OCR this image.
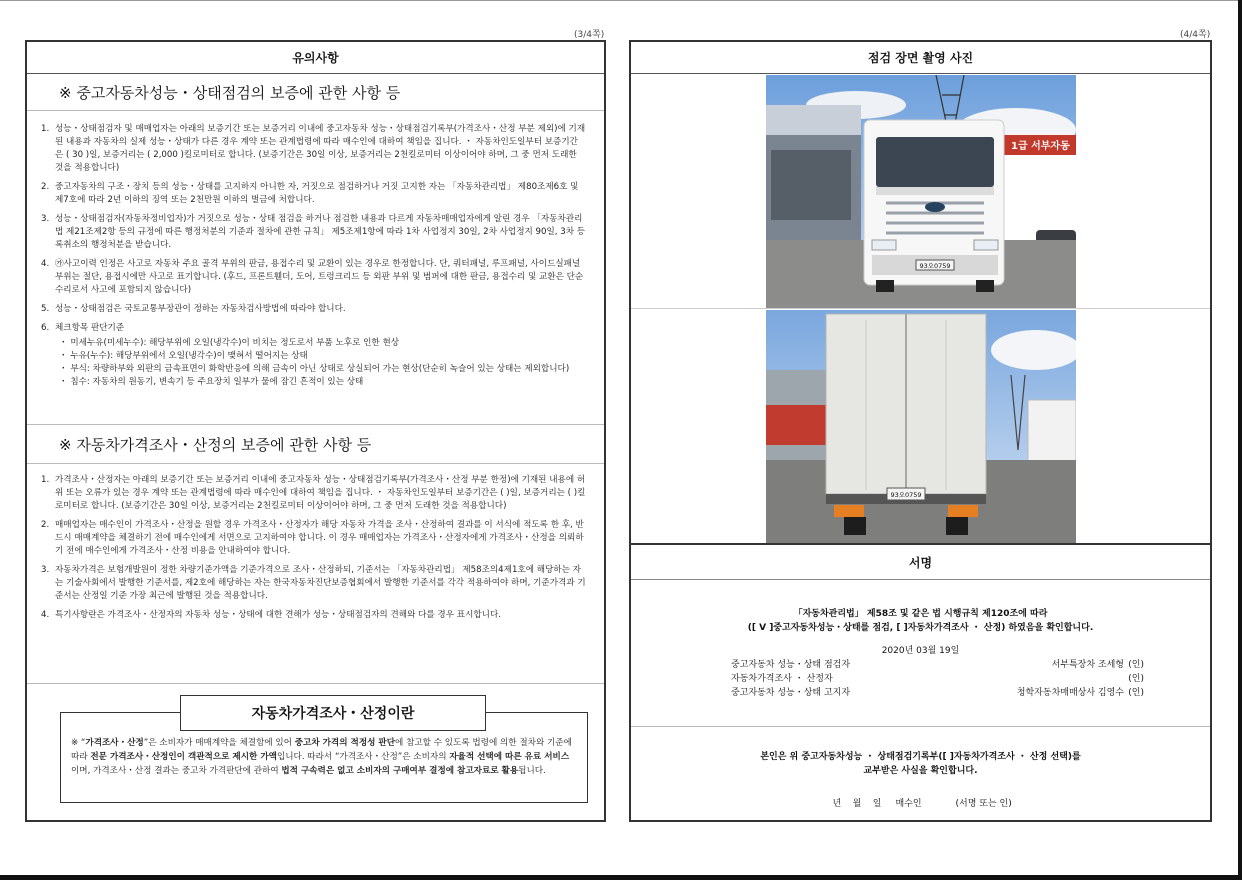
(3/4쪽)	(4/4쪽)
유의사항
※ 중고자동차성능・상태점검의 보증에 관한 사항 등
1. 성능・상태점검자 및 매매업자는 아래의 보증기간 또는 보증거리 이내에 중고자동차 성능・상태점검기록부(가격조사・산정 부분 제외)에 기재된 내용과 자동차의 실제 성능・상태가 다른 경우 계약 또는 관계법령에 따라 매수인에 대하여 책임을 집니다. ・ 자동차인도일부터 보증기간은 ( 30 )일, 보증거리는 ( 2,000 )킬로미터로 합니다. (보증기간은 30일 이상, 보증거리는 2천킬로미터 이상이어야 하며, 그 중 먼저 도래한 것을 적용합니다)
2. 중고자동차의 구조・장치 등의 성능・상태를 고지하지 아니한 자, 거짓으로 점검하거나 거짓 고지한 자는 「자동차관리법」 제80조제6호 및 제7호에 따라 2년 이하의 징역 또는 2천만원 이하의 벌금에 처합니다.
3. 성능・상태점검자(자동차정비업자)가 거짓으로 성능・상태 점검을 하거나 점검한 내용과 다르게 자동차매매업자에게 알린 경우 「자동차관리법 제21조제2항 등의 규정에 따른 행정처분의 기준과 절차에 관한 규칙」 제5조제1항에 따라 1차 사업정지 30일, 2차 사업정지 90일, 3차 등록취소의 행정처분을 받습니다.
4. ㉮사고이력 인정은 사고로 자동차 주요 골격 부위의 판금, 용접수리 및 교환이 있는 경우로 한정합니다. 단, 쿼터패널, 루프패널, 사이드실패널 부위는 절단, 용접시에만 사고로 표기합니다. (후드, 프론트휀더, 도어, 트렁크리드 등 외판 부위 및 범퍼에 대한 판금, 용접수리 및 교환은 단순수리로서 사고에 포함되지 않습니다)
5. 성능・상태점검은 국토교통부장관이 정하는 자동차검사방법에 따라야 합니다.
6. 체크항목 판단기준
・ 미세누유(미세누수): 해당부위에 오일(냉각수)이 비치는 정도로서 부품 노후로 인한 현상
・ 누유(누수): 해당부위에서 오일(냉각수)이 맺혀서 떨어지는 상태
・ 부식: 차량하부와 외판의 금속표면이 화학반응에 의해 금속이 아닌 상태로 상실되어 가는 현상(단순히 녹슬어 있는 상태는 제외합니다)
・ 침수: 자동차의 원동기, 변속기 등 주요장치 일부가 물에 잠긴 흔적이 있는 상태
※ 자동차가격조사・산정의 보증에 관한 사항 등
1. 가격조사・산정자는 아래의 보증기간 또는 보증거리 이내에 중고자동차 성능・상태점검기록부(가격조사・산정 부분 한정)에 기재된 내용에 허위 또는 오류가 있는 경우 계약 또는 관계법령에 따라 매수인에 대하여 책임을 집니다. ・ 자동차인도일부터 보증기간은 ( )일, 보증거리는 ( )킬로미터로 합니다. (보증기간은 30일 이상, 보증거리는 2천킬로미터 이상이어야 하며, 그 중 먼저 도래한 것을 적용합니다)
2. 매매업자는 매수인이 가격조사・산정을 원할 경우 가격조사・산정자가 해당 자동차 가격을 조사・산정하여 결과를 이 서식에 적도록 한 후, 반드시 매매계약을 체결하기 전에 매수인에게 서면으로 고지하여야 합니다. 이 경우 매매업자는 가격조사・산정자에게 가격조사・산정을 의뢰하기 전에 매수인에게 가격조사・산정 비용을 안내하여야 합니다.
3. 자동차가격은 보험개발원이 정한 차량기준가액을 기준가격으로 조사・산정하되, 기준서는 「자동차관리법」 제58조의4제1호에 해당하는 자는 기술사회에서 발행한 기준서를, 제2호에 해당하는 자는 한국자동차진단보증협회에서 발행한 기준서를 각각 적용하여야 하며, 기준가격과 기준서는 산정일 기준 가장 최근에 발행된 것을 적용합니다.
4. 특기사항란은 가격조사・산정자의 자동차 성능・상태에 대한 견해가 성능・상태점검자의 견해와 다를 경우 표시합니다.
※ “가격조사・산정”은 소비자가 매매계약을 체결함에 있어 중고차 가격의 적정성 판단에 참고할 수 있도록 법령에 의한 절차와 기준에 따라 전문 가격조사・산정인이 객관적으로 제시한 가액입니다. 따라서 “가격조사・산정”은 소비자의 자율적 선택에 따른 유료 서비스이며, 가격조사・산정 결과는 중고차 가격판단에 관하여 법적 구속력은 없고 소비자의 구매여부 결정에 참고자료로 활용됩니다.
자동차가격조사・산정이란
점검 장면 촬영 사진
1급 서부자동
93오0759
93오0759
서명
「자동차관리법」 제58조 및 같은 법 시행규칙 제120조에 따라
([ V ]중고자동차성능・상태를 점검, [ ]자동차가격조사 ・ 산정) 하였음을 확인합니다.
2020년 03월 19일
중고자동차 성능・상태 점검자	서부특장차 조세형 (인)
자동차가격조사 ・ 산정자	(인)
중고자동차 성능・상태 고지자	청학자동차매매상사 김영수 (인)
본인은 위 중고자동차성능 ・ 상태점검기록부([ ]자동차가격조사 ・ 산정 선택)를
교부받은 사실을 확인합니다.

년    월    일 매수인	(서명 또는 인)
